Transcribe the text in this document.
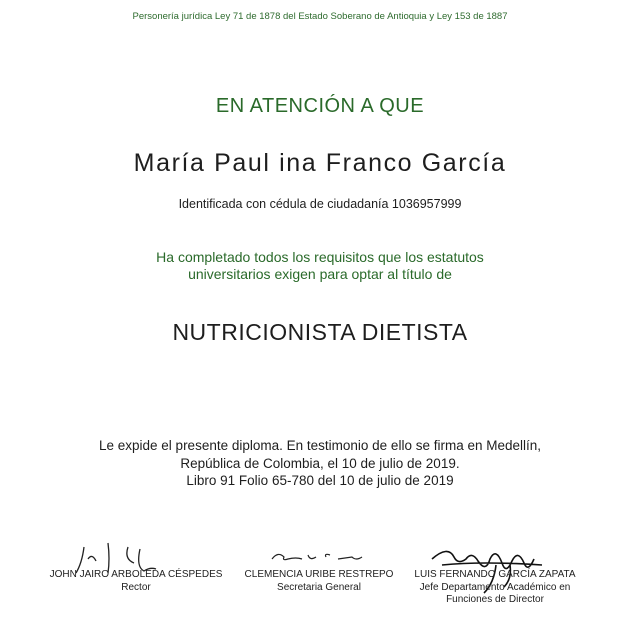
Personería jurídica Ley 71 de 1878 del Estado Soberano de Antioquia y Ley 153 de 1887
EN ATENCIÓN A QUE
María Paul ina Franco García
Identificada con cédula de ciudadanía 1036957999
Ha completado todos los requisitos que los estatutos
universitarios exigen para optar al título de
NUTRICIONISTA DIETISTA
Le expide el presente diploma. En testimonio de ello se firma en Medellín,
República de Colombia, el 10 de julio de 2019.
Libro 91 Folio 65-780 del 10 de julio de 2019
JOHN JAIRO ARBOLEDA CÉSPEDES
Rector
CLEMENCIA URIBE RESTREPO
Secretaria General
LUIS FERNANDO GARCÍA ZAPATA
Jefe Departamento Académico en
Funciones de Director
